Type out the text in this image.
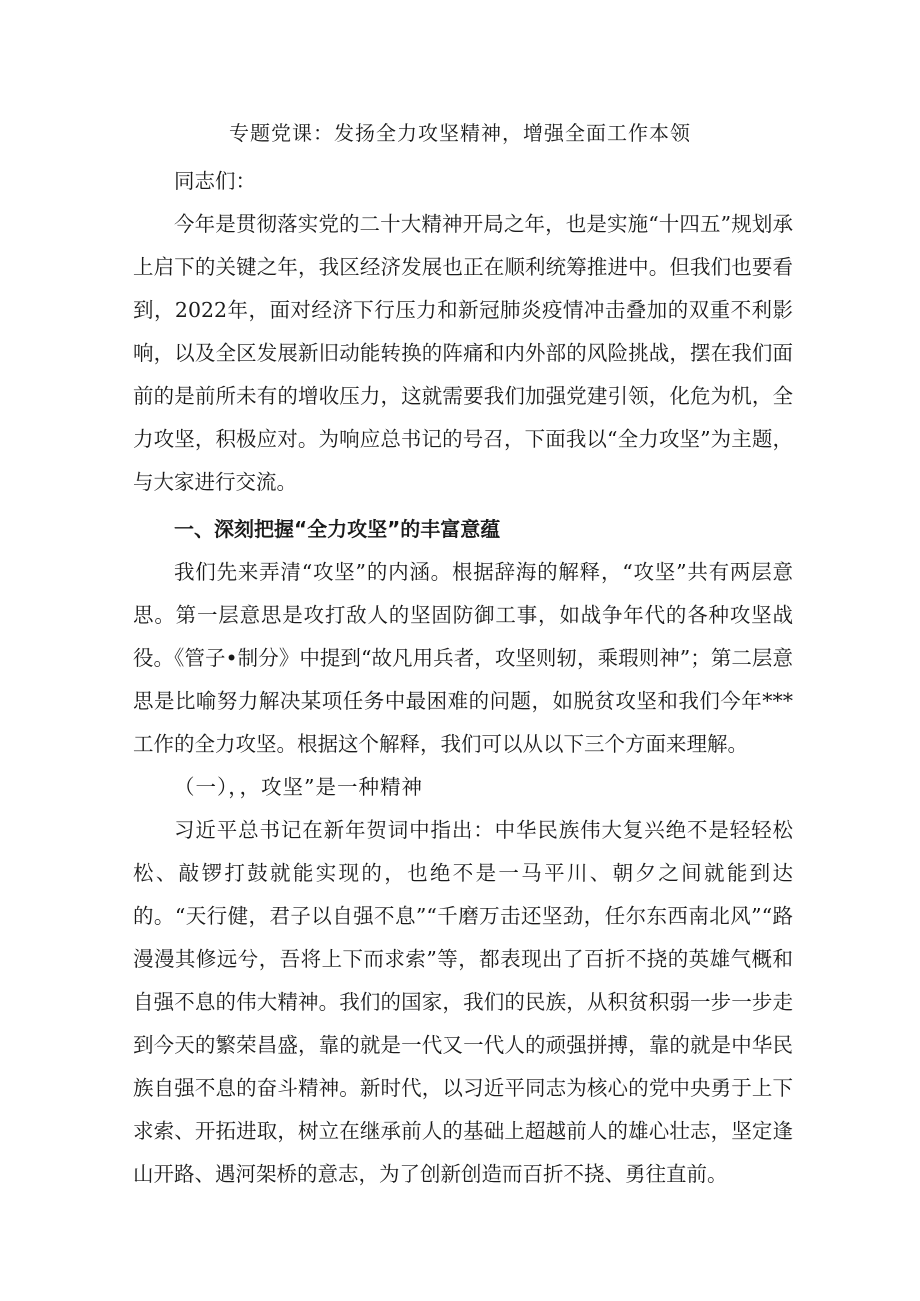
专题党课：发扬全力攻坚精神，增强全面工作本领

同志们：

今年是贯彻落实党的二十大精神开局之年，也是实施“十四五”规划承上启下的关键之年，我区经济发展也正在顺利统筹推进中。但我们也要看到，2022年，面对经济下行压力和新冠肺炎疫情冲击叠加的双重不利影响，以及全区发展新旧动能转换的阵痛和内外部的风险挑战，摆在我们面前的是前所未有的增收压力，这就需要我们加强党建引领，化危为机，全力攻坚，积极应对。为响应总书记的号召，下面我以“全力攻坚”为主题，与大家进行交流。

一、深刻把握“全力攻坚”的丰富意蕴

我们先来弄清“攻坚”的内涵。根据辞海的解释，“攻坚”共有两层意思。第一层意思是攻打敌人的坚固防御工事，如战争年代的各种攻坚战役。《管子•制分》中提到“故凡用兵者，攻坚则轫，乘瑕则神”；第二层意思是比喻努力解决某项任务中最困难的问题，如脱贫攻坚和我们今年***工作的全力攻坚。根据这个解释，我们可以从以下三个方面来理解。

（一），，攻坚”是一种精神

习近平总书记在新年贺词中指出：中华民族伟大复兴绝不是轻轻松松、敲锣打鼓就能实现的，也绝不是一马平川、朝夕之间就能到达的。“天行健，君子以自强不息”“千磨万击还坚劲，任尔东西南北风”“路漫漫其修远兮，吾将上下而求索”等，都表现出了百折不挠的英雄气概和自强不息的伟大精神。我们的国家，我们的民族，从积贫积弱一步一步走到今天的繁荣昌盛，靠的就是一代又一代人的顽强拼搏，靠的就是中华民族自强不息的奋斗精神。新时代，以习近平同志为核心的党中央勇于上下求索、开拓进取，树立在继承前人的基础上超越前人的雄心壮志，坚定逢山开路、遇河架桥的意志，为了创新创造而百折不挠、勇往直前。
